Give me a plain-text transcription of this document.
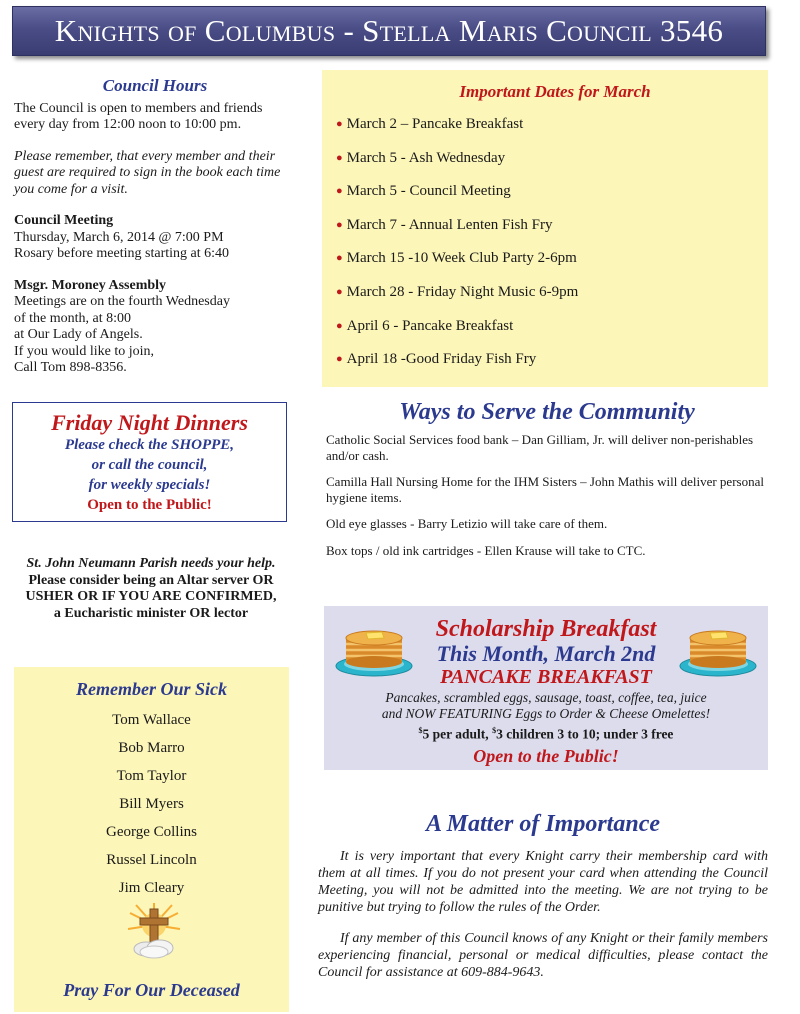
Knights of Columbus - Stella Maris Council 3546
Council Hours
The Council is open to members and friends every day from 12:00 noon to 10:00 pm.
Please remember, that every member and their guest are required to sign in the book each time you come for a visit.
Council Meeting
Thursday, March 6, 2014 @ 7:00 PM
Rosary before meeting starting at 6:40
Msgr. Moroney Assembly
Meetings are on the fourth Wednesday
of the month, at 8:00
at Our Lady of Angels.
If you would like to join,
Call Tom 898-8356.
Friday Night Dinners
Please check the SHOPPE,
or call the council,
for weekly specials!
Open to the Public!
St. John Neumann Parish needs your help.
Please consider being an Altar server OR
USHER OR IF YOU ARE CONFIRMED,
a Eucharistic minister OR lector
Remember Our Sick
Tom Wallace
Bob Marro
Tom Taylor
Bill Myers
George Collins
Russel Lincoln
Jim Cleary
Pray For Our Deceased
Important Dates for March
● March 2 – Pancake Breakfast
● March 5 - Ash Wednesday
● March 5 - Council Meeting
● March 7 - Annual Lenten Fish Fry
● March 15 -10 Week Club Party 2-6pm
● March 28 - Friday Night Music 6-9pm
● April 6 - Pancake Breakfast
● April 18 -Good Friday Fish Fry
Ways to Serve the Community

Catholic Social Services food bank – Dan Gilliam, Jr. will deliver non-perishables and/or cash.

Camilla Hall Nursing Home for the IHM Sisters – John Mathis will deliver personal hygiene items.

Old eye glasses - Barry Letizio will take care of them.

Box tops / old ink cartridges - Ellen Krause will take to CTC.

Scholarship Breakfast
This Month, March 2nd
PANCAKE BREAKFAST
Pancakes, scrambled eggs, sausage, toast, coffee, tea, juice
and NOW FEATURING Eggs to Order & Cheese Omelettes!
$5 per adult, $3 children 3 to 10; under 3 free
Open to the Public!
A Matter of Importance

It is very important that every Knight carry their membership card with them at all times. If you do not present your card when attending the Council Meeting, you will not be admitted into the meeting. We are not trying to be punitive but trying to follow the rules of the Order.

If any member of this Council knows of any Knight or their family members experiencing financial, personal or medical difficulties, please contact the Council for assistance at 609-884-9643.
